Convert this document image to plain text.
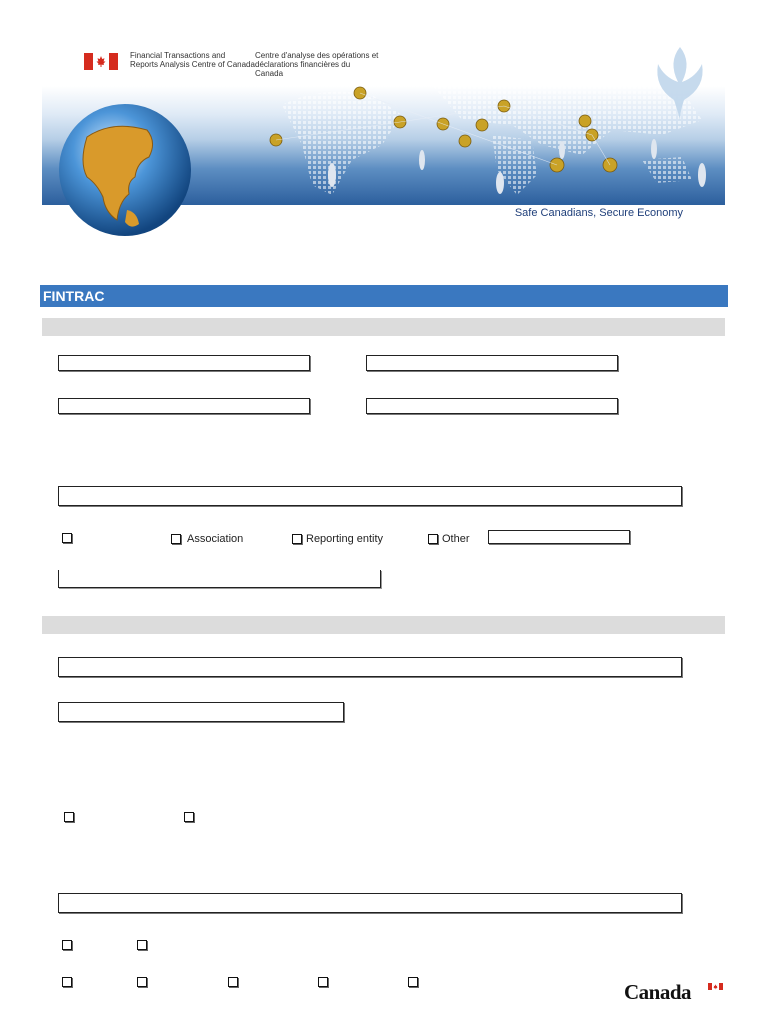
Financial Transactions and Reports Analysis Centre of Canada
Centre d'analyse des opérations et déclarations financières du Canada
Safe Canadians, Secure Economy
FINTRAC
Association	Reporting entity	Other
Canada
